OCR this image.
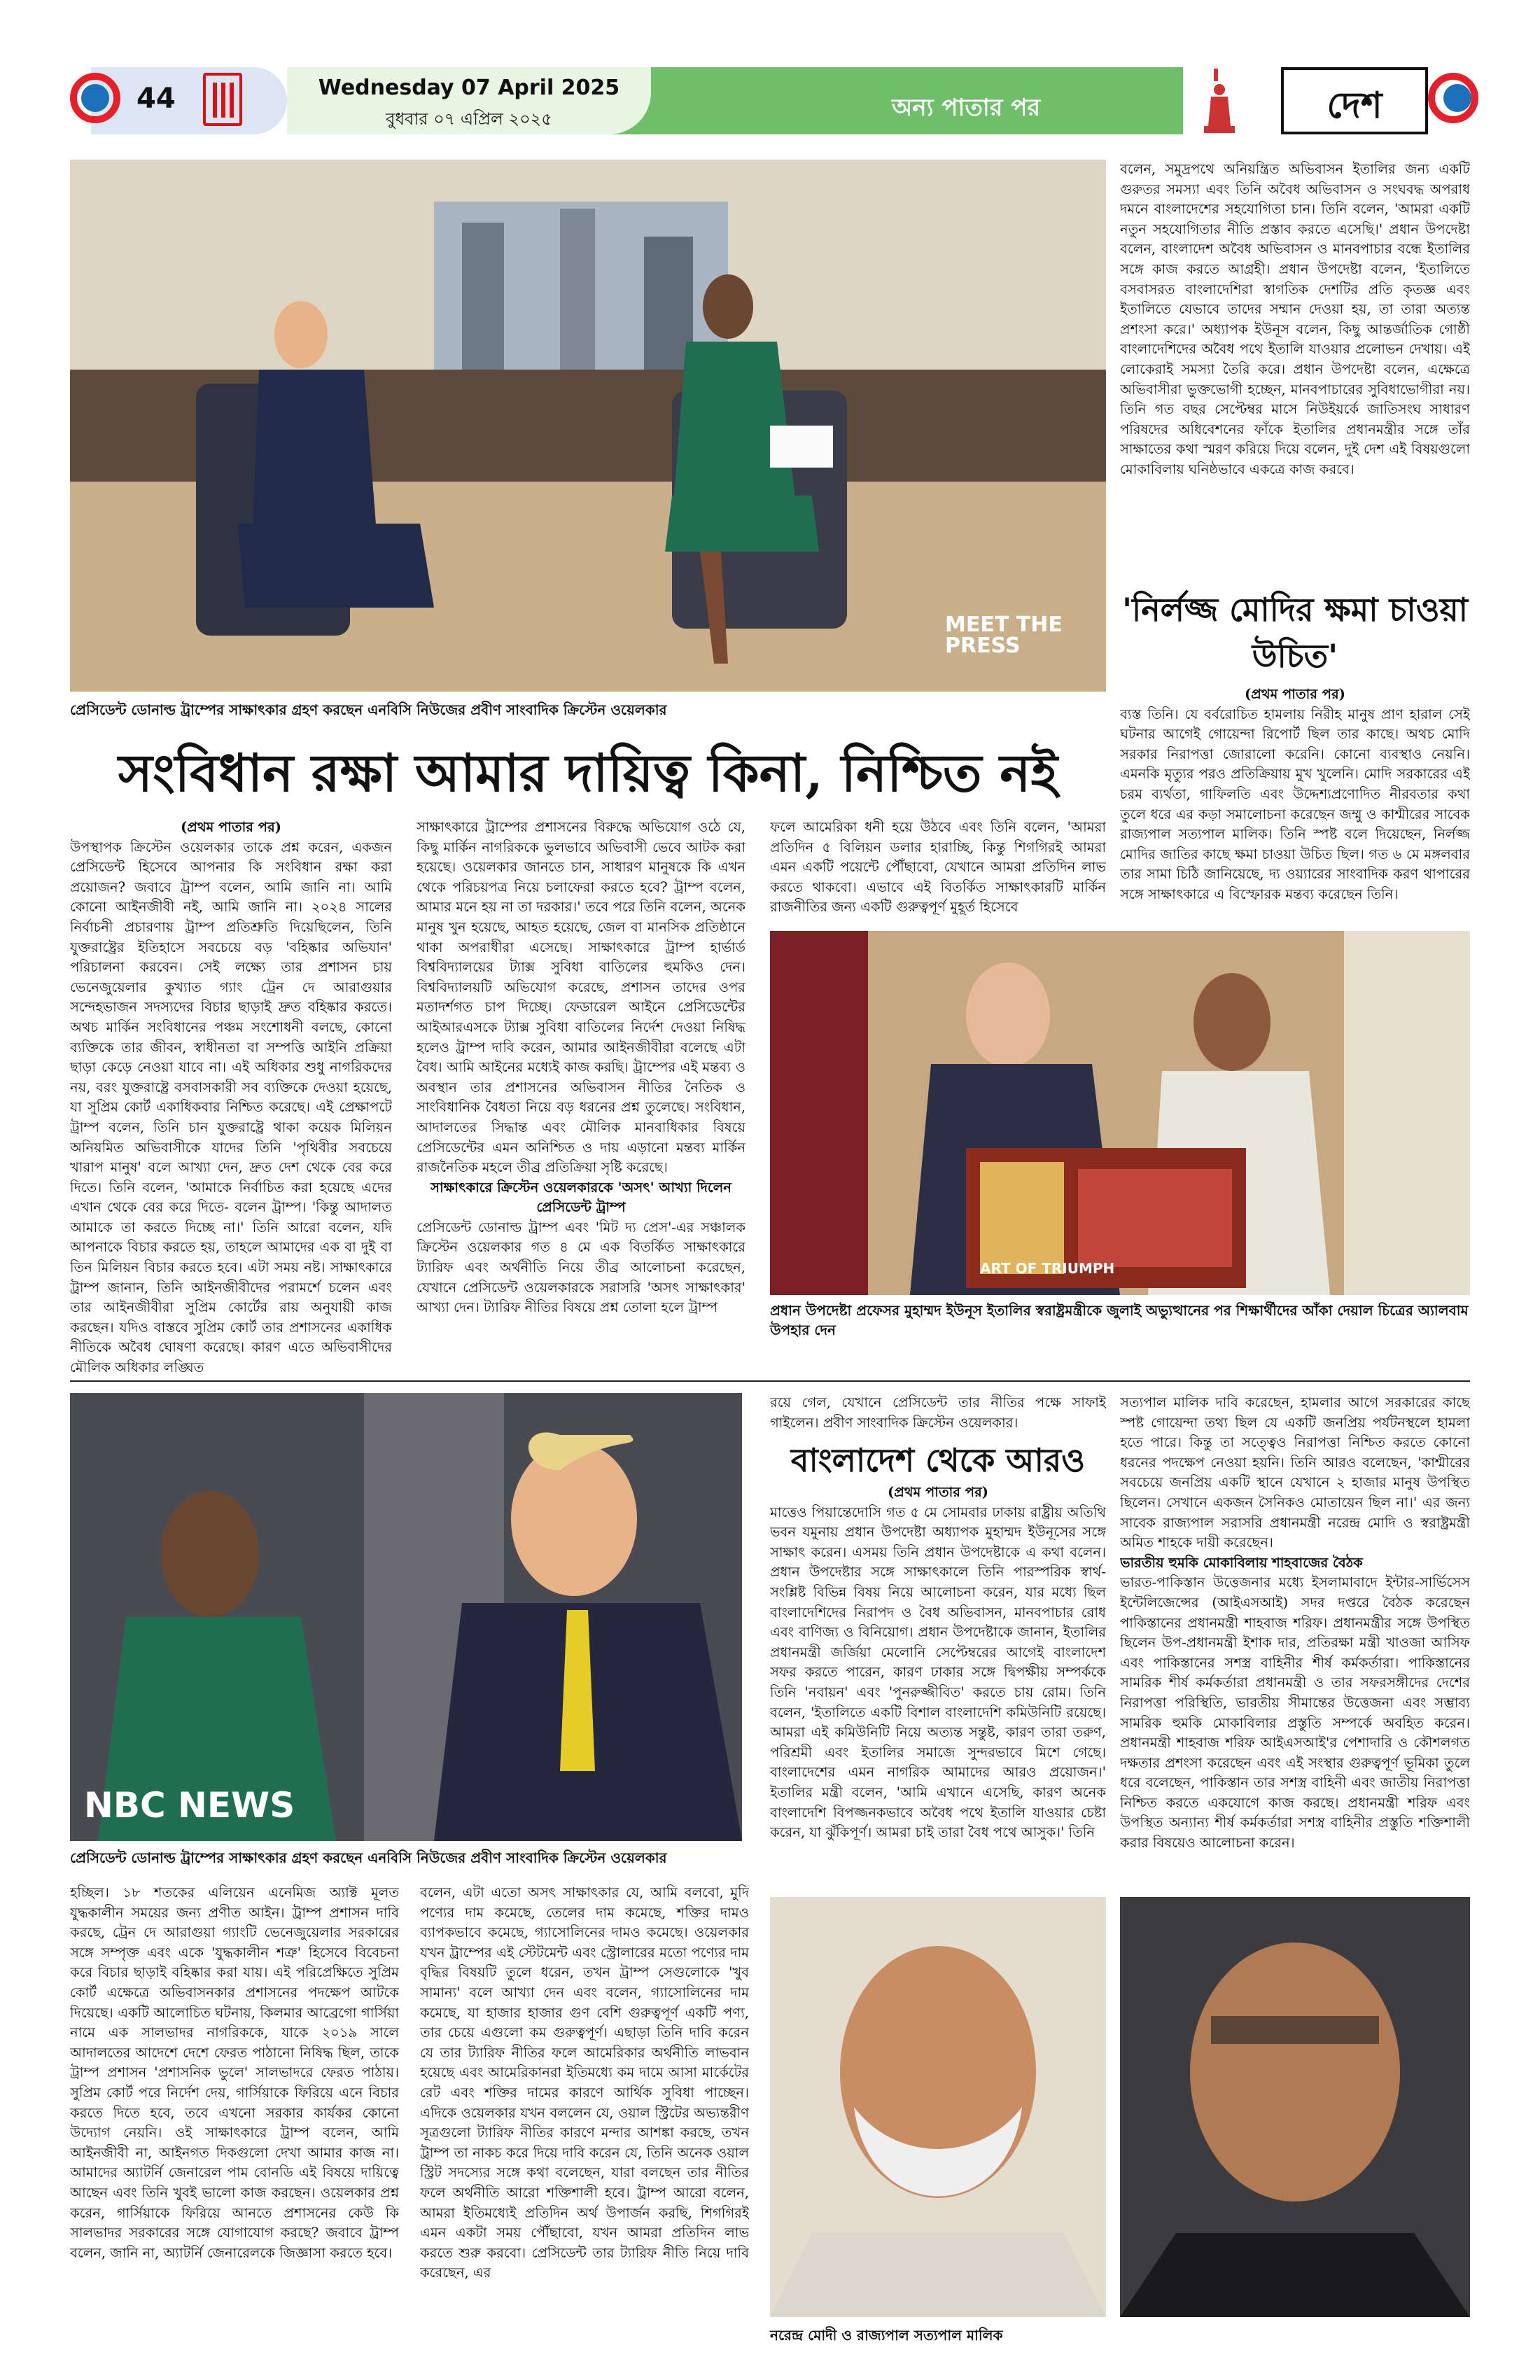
44	Wednesday 07 April 2025
বুধবার ০৭ এপ্রিল ২০২৫	অন্য পাতার পর	দেশ
MEET THE PRESS
প্রেসিডেন্ট ডোনাল্ড ট্রাম্পের সাক্ষাৎকার গ্রহণ করছেন এনবিসি নিউজের প্রবীণ সাংবাদিক ক্রিস্টেন ওয়েলকার
সংবিধান রক্ষা আমার দায়িত্ব কিনা, নিশ্চিত নই

(প্রথম পাতার পর)

উপস্থাপক ক্রিস্টেন ওয়েলকার তাকে প্রশ্ন করেন, একজন প্রেসিডেন্ট হিসেবে আপনার কি সংবিধান রক্ষা করা প্রয়োজন? জবাবে ট্রাম্প বলেন, আমি জানি না। আমি কোনো আইনজীবী নই, আমি জানি না। ২০২৪ সালের নির্বাচনী প্রচারণায় ট্রাম্প প্রতিশ্রুতি দিয়েছিলেন, তিনি যুক্তরাষ্ট্রের ইতিহাসে সবচেয়ে বড় 'বহিষ্কার অভিযান' পরিচালনা করবেন। সেই লক্ষ্যে তার প্রশাসন চায় ভেনেজুয়েলার কুখ্যাত গ্যাং ট্রেন দে আরাগুয়ার সন্দেহভাজন সদস্যদের বিচার ছাড়াই দ্রুত বহিষ্কার করতে। অথচ মার্কিন সংবিধানের পঞ্চম সংশোধনী বলছে, কোনো ব্যক্তিকে তার জীবন, স্বাধীনতা বা সম্পত্তি আইনি প্রক্রিয়া ছাড়া কেড়ে নেওয়া যাবে না। এই অধিকার শুধু নাগরিকদের নয়, বরং যুক্তরাষ্ট্রে বসবাসকারী সব ব্যক্তিকে দেওয়া হয়েছে, যা সুপ্রিম কোর্ট একাধিকবার নিশ্চিত করেছে। এই প্রেক্ষাপটে ট্রাম্প বলেন, তিনি চান যুক্তরাষ্ট্রে থাকা কয়েক মিলিয়ন অনিয়মিত অভিবাসীকে যাদের তিনি 'পৃথিবীর সবচেয়ে খারাপ মানুষ' বলে আখ্যা দেন, দ্রুত দেশ থেকে বের করে দিতে। তিনি বলেন, 'আমাকে নির্বাচিত করা হয়েছে এদের এখান থেকে বের করে দিতে- বলেন ট্রাম্প। 'কিন্তু আদালত আমাকে তা করতে দিচ্ছে না।' তিনি আরো বলেন, যদি আপনাকে বিচার করতে হয়, তাহলে আমাদের এক বা দুই বা তিন মিলিয়ন বিচার করতে হবে। এটা সময় নষ্ট। সাক্ষাৎকারে ট্রাম্প জানান, তিনি আইনজীবীদের পরামর্শে চলেন এবং তার আইনজীবীরা সুপ্রিম কোর্টের রায় অনুযায়ী কাজ করছেন। যদিও বাস্তবে সুপ্রিম কোর্ট তার প্রশাসনের একাধিক নীতিকে অবৈধ ঘোষণা করেছে। কারণ এতে অভিবাসীদের মৌলিক অধিকার লঙ্ঘিত

সাক্ষাৎকারে ট্রাম্পের প্রশাসনের বিরুদ্ধে অভিযোগ ওঠে যে, কিছু মার্কিন নাগরিককে ভুলভাবে অভিবাসী ভেবে আটক করা হয়েছে। ওয়েলকার জানতে চান, সাধারণ মানুষকে কি এখন থেকে পরিচয়পত্র নিয়ে চলাফেরা করতে হবে? ট্রাম্প বলেন, আমার মনে হয় না তা দরকার।' তবে পরে তিনি বলেন, অনেক মানুষ খুন হয়েছে, আহত হয়েছে, জেল বা মানসিক প্রতিষ্ঠানে থাকা অপরাধীরা এসেছে। সাক্ষাৎকারে ট্রাম্প হার্ভার্ড বিশ্ববিদ্যালয়ের ট্যাক্স সুবিধা বাতিলের হুমকিও দেন। বিশ্ববিদ্যালয়টি অভিযোগ করেছে, প্রশাসন তাদের ওপর মতাদর্শগত চাপ দিচ্ছে। ফেডারেল আইনে প্রেসিডেন্টের আইআরএসকে ট্যাক্স সুবিধা বাতিলের নির্দেশ দেওয়া নিষিদ্ধ হলেও ট্রাম্প দাবি করেন, আমার আইনজীবীরা বলেছে এটা বৈধ। আমি আইনের মধ্যেই কাজ করছি। ট্রাম্পের এই মন্তব্য ও অবস্থান তার প্রশাসনের অভিবাসন নীতির নৈতিক ও সাংবিধানিক বৈধতা নিয়ে বড় ধরনের প্রশ্ন তুলেছে। সংবিধান, আদালতের সিদ্ধান্ত এবং মৌলিক মানবাধিকার বিষয়ে প্রেসিডেন্টের এমন অনিশ্চিত ও দায় এড়ানো মন্তব্য মার্কিন রাজনৈতিক মহলে তীব্র প্রতিক্রিয়া সৃষ্টি করেছে।

সাক্ষাৎকারে ক্রিস্টেন ওয়েলকারকে 'অসৎ' আখ্যা দিলেন প্রেসিডেন্ট ট্রাম্প

প্রেসিডেন্ট ডোনাল্ড ট্রাম্প এবং 'মিট দ্য প্রেস'-এর সঞ্চালক ক্রিস্টেন ওয়েলকার গত ৪ মে এক বিতর্কিত সাক্ষাৎকারে ট্যারিফ এবং অর্থনীতি নিয়ে তীব্র আলোচনা করেছেন, যেখানে প্রেসিডেন্ট ওয়েলকারকে সরাসরি 'অসৎ সাক্ষাৎকার' আখ্যা দেন। ট্যারিফ নীতির বিষয়ে প্রশ্ন তোলা হলে ট্রাম্প

ফলে আমেরিকা ধনী হয়ে উঠবে এবং তিনি বলেন, 'আমরা প্রতিদিন ৫ বিলিয়ন ডলার হারাচ্ছি, কিন্তু শিগগিরই আমরা এমন একটি পয়েন্টে পৌঁছাবো, যেখানে আমরা প্রতিদিন লাভ করতে থাকবো। এভাবে এই বিতর্কিত সাক্ষাৎকারটি মার্কিন রাজনীতির জন্য একটি গুরুত্বপূর্ণ মুহূর্ত হিসেবে

ART OF TRIUMPH
প্রধান উপদেষ্টা প্রফেসর মুহাম্মদ ইউনূস ইতালির স্বরাষ্ট্রমন্ত্রীকে জুলাই অভ্যুত্থানের পর শিক্ষার্থীদের আঁকা দেয়াল চিত্রের অ্যালবাম উপহার দেন

বলেন, সমুদ্রপথে অনিয়ন্ত্রিত অভিবাসন ইতালির জন্য একটি গুরুতর সমস্যা এবং তিনি অবৈধ অভিবাসন ও সংঘবদ্ধ অপরাধ দমনে বাংলাদেশের সহযোগিতা চান। তিনি বলেন, 'আমরা একটি নতুন সহযোগিতার নীতি প্রস্তাব করতে এসেছি।' প্রধান উপদেষ্টা বলেন, বাংলাদেশ অবৈধ অভিবাসন ও মানবপাচার বন্ধে ইতালির সঙ্গে কাজ করতে আগ্রহী। প্রধান উপদেষ্টা বলেন, 'ইতালিতে বসবাসরত বাংলাদেশিরা স্বাগতিক দেশটির প্রতি কৃতজ্ঞ এবং ইতালিতে যেভাবে তাদের সম্মান দেওয়া হয়, তা তারা অত্যন্ত প্রশংসা করে।' অধ্যাপক ইউনূস বলেন, কিছু আন্তর্জাতিক গোষ্ঠী বাংলাদেশিদের অবৈধ পথে ইতালি যাওয়ার প্রলোভন দেখায়। এই লোকেরাই সমস্যা তৈরি করে। প্রধান উপদেষ্টা বলেন, এক্ষেত্রে অভিবাসীরা ভুক্তভোগী হচ্ছেন, মানবপাচারের সুবিধাভোগীরা নয়। তিনি গত বছর সেপ্টেম্বর মাসে নিউইয়র্কে জাতিসংঘ সাধারণ পরিষদের অধিবেশনের ফাঁকে ইতালির প্রধানমন্ত্রীর সঙ্গে তাঁর সাক্ষাতের কথা স্মরণ করিয়ে দিয়ে বলেন, দুই দেশ এই বিষয়গুলো মোকাবিলায় ঘনিষ্ঠভাবে একত্রে কাজ করবে।

'নির্লজ্জ মোদির ক্ষমা চাওয়া উচিত'

(প্রথম পাতার পর)

ব্যস্ত তিনি। যে বর্বরোচিত হামলায় নিরীহ মানুষ প্রাণ হারাল সেই ঘটনার আগেই গোয়েন্দা রিপোর্ট ছিল তার কাছে। অথচ মোদি সরকার নিরাপত্তা জোরালো করেনি। কোনো ব্যবস্থাও নেয়নি। এমনকি মৃত্যুর পরও প্রতিক্রিয়ায় মুখ খুলেনি। মোদি সরকারের এই চরম ব্যর্থতা, গাফিলতি এবং উদ্দেশ্যপ্রণোদিত নীরবতার কথা তুলে ধরে এর কড়া সমালোচনা করেছেন জম্মু ও কাশ্মীরের সাবেক রাজ্যপাল সত্যপাল মালিক। তিনি স্পষ্ট বলে দিয়েছেন, নির্লজ্জ মোদির জাতির কাছে ক্ষমা চাওয়া উচিত ছিল। গত ৬ মে মঙ্গলবার তার সামা চিঠি জানিয়েছে, দ্য ওয়্যারের সাংবাদিক করণ থাপারের সঙ্গে সাক্ষাৎকারে এ বিস্ফোরক মন্তব্য করেছেন তিনি।

NBC NEWS
প্রেসিডেন্ট ডোনাল্ড ট্রাম্পের সাক্ষাৎকার গ্রহণ করছেন এনবিসি নিউজের প্রবীণ সাংবাদিক ক্রিস্টেন ওয়েলকার

হচ্ছিল। ১৮ শতকের এলিয়েন এনেমিজ অ্যাক্ট মূলত যুদ্ধকালীন সময়ের জন্য প্রণীত আইন। ট্রাম্প প্রশাসন দাবি করছে, ট্রেন দে আরাগুয়া গ্যাংটি ভেনেজুয়েলার সরকারের সঙ্গে সম্পৃক্ত এবং একে 'যুদ্ধকালীন শত্রু' হিসেবে বিবেচনা করে বিচার ছাড়াই বহিষ্কার করা যায়। এই পরিপ্রেক্ষিতে সুপ্রিম কোর্ট এক্ষেত্রে অভিবাসনকার প্রশাসনের পদক্ষেপ আটকে দিয়েছে। একটি আলোচিত ঘটনায়, কিলমার আব্রেগো গার্সিয়া নামে এক সালভাদর নাগরিককে, যাকে ২০১৯ সালে আদালতের আদেশে দেশে ফেরত পাঠানো নিষিদ্ধ ছিল, তাকে ট্রাম্প প্রশাসন 'প্রশাসনিক ভুলে' সালভাদরে ফেরত পাঠায়। সুপ্রিম কোর্ট পরে নির্দেশ দেয়, গার্সিয়াকে ফিরিয়ে এনে বিচার করতে দিতে হবে, তবে এখনো সরকার কার্যকর কোনো উদ্যোগ নেয়নি। ওই সাক্ষাৎকারে ট্রাম্প বলেন, আমি আইনজীবী না, আইনগত দিকগুলো দেখা আমার কাজ না। আমাদের অ্যাটর্নি জেনারেল পাম বোনডি এই বিষয়ে দায়িত্বে আছেন এবং তিনি খুবই ভালো কাজ করছেন। ওয়েলকার প্রশ্ন করেন, গার্সিয়াকে ফিরিয়ে আনতে প্রশাসনের কেউ কি সালভাদর সরকারের সঙ্গে যোগাযোগ করছে? জবাবে ট্রাম্প বলেন, জানি না, অ্যাটর্নি জেনারেলকে জিজ্ঞাসা করতে হবে।

বলেন, এটা এতো অসৎ সাক্ষাৎকার যে, আমি বলবো, মুদি পণ্যের দাম কমেছে, তেলের দাম কমেছে, শক্তির দামও ব্যাপকভাবে কমেছে, গ্যাসোলিনের দামও কমেছে। ওয়েলকার যখন ট্রাম্পের এই স্টেটমেন্ট এবং স্ট্রোলারের মতো পণ্যের দাম বৃদ্ধির বিষয়টি তুলে ধরেন, তখন ট্রাম্প সেগুলোকে 'খুব সামান্য' বলে আখ্যা দেন এবং বলেন, গ্যাসোলিনের দাম কমেছে, যা হাজার হাজার গুণ বেশি গুরুত্বপূর্ণ একটি পণ্য, তার চেয়ে এগুলো কম গুরুত্বপূর্ণ। এছাড়া তিনি দাবি করেন যে তার ট্যারিফ নীতির ফলে আমেরিকার অর্থনীতি লাভবান হয়েছে এবং আমেরিকানরা ইতিমধ্যে কম দামে আসা মার্কেটের রেট এবং শক্তির দামের কারণে আর্থিক সুবিধা পাচ্ছেন। এদিকে ওয়েলকার যখন বললেন যে, ওয়াল স্ট্রিটের অভ্যন্তরীণ সূত্রগুলো ট্যারিফ নীতির কারণে মন্দার আশঙ্কা করছে, তখন ট্রাম্প তা নাকচ করে দিয়ে দাবি করেন যে, তিনি অনেক ওয়াল স্ট্রিট সদস্যের সঙ্গে কথা বলেছেন, যারা বলছেন তার নীতির ফলে অর্থনীতি আরো শক্তিশালী হবে। ট্রাম্প আরো বলেন, আমরা ইতিমধ্যেই প্রতিদিন অর্থ উপার্জন করছি, শিগগিরই এমন একটা সময় পৌঁছাবো, যখন আমরা প্রতিদিন লাভ করতে শুরু করবো। প্রেসিডেন্ট তার ট্যারিফ নীতি নিয়ে দাবি করেছেন, এর

রয়ে গেল, যেখানে প্রেসিডেন্ট তার নীতির পক্ষে সাফাই গাইলেন। প্রবীণ সাংবাদিক ক্রিস্টেন ওয়েলকার।

বাংলাদেশ থেকে আরও

(প্রথম পাতার পর)

মাত্তেও পিয়ান্তেদোসি গত ৫ মে সোমবার ঢাকায় রাষ্ট্রীয় অতিথি ভবন যমুনায় প্রধান উপদেষ্টা অধ্যাপক মুহাম্মদ ইউনূসের সঙ্গে সাক্ষাৎ করেন। এসময় তিনি প্রধান উপদেষ্টাকে এ কথা বলেন। প্রধান উপদেষ্টার সঙ্গে সাক্ষাৎকালে তিনি পারস্পরিক স্বার্থ-সংশ্লিষ্ট বিভিন্ন বিষয় নিয়ে আলোচনা করেন, যার মধ্যে ছিল বাংলাদেশিদের নিরাপদ ও বৈধ অভিবাসন, মানবপাচার রোধ এবং বাণিজ্য ও বিনিয়োগ। প্রধান উপদেষ্টাকে জানান, ইতালির প্রধানমন্ত্রী জর্জিয়া মেলোনি সেপ্টেম্বরের আগেই বাংলাদেশ সফর করতে পারেন, কারণ ঢাকার সঙ্গে দ্বিপক্ষীয় সম্পর্ককে তিনি 'নবায়ন' এবং 'পুনরুজ্জীবিত' করতে চায় রোম। তিনি বলেন, 'ইতালিতে একটি বিশাল বাংলাদেশি কমিউনিটি রয়েছে। আমরা এই কমিউনিটি নিয়ে অত্যন্ত সন্তুষ্ট, কারণ তারা তরুণ, পরিশ্রমী এবং ইতালির সমাজে সুন্দরভাবে মিশে গেছে। বাংলাদেশের এমন নাগরিক আমাদের আরও প্রয়োজন।' ইতালির মন্ত্রী বলেন, 'আমি এখানে এসেছি, কারণ অনেক বাংলাদেশি বিপজ্জনকভাবে অবৈধ পথে ইতালি যাওয়ার চেষ্টা করেন, যা ঝুঁকিপূর্ণ। আমরা চাই তারা বৈধ পথে আসুক।' তিনি

সত্যপাল মালিক দাবি করেছেন, হামলার আগে সরকারের কাছে স্পষ্ট গোয়েন্দা তথ্য ছিল যে একটি জনপ্রিয় পর্যটনস্থলে হামলা হতে পারে। কিন্তু তা সত্ত্বেও নিরাপত্তা নিশ্চিত করতে কোনো ধরনের পদক্ষেপ নেওয়া হয়নি। তিনি আরও বলেছেন, 'কাশ্মীরের সবচেয়ে জনপ্রিয় একটি স্থানে যেখানে ২ হাজার মানুষ উপস্থিত ছিলেন। সেখানে একজন সৈনিকও মোতায়েন ছিল না।' এর জন্য সাবেক রাজ্যপাল সরাসরি প্রধানমন্ত্রী নরেন্দ্র মোদি ও স্বরাষ্ট্রমন্ত্রী অমিত শাহকে দায়ী করেছেন।

ভারতীয় হুমকি মোকাবিলায় শাহবাজের বৈঠক

ভারত-পাকিস্তান উত্তেজনার মধ্যে ইসলামাবাদে ইন্টার-সার্ভিসেস ইন্টেলিজেন্সের (আইএসআই) সদর দপ্তরে বৈঠক করেছেন পাকিস্তানের প্রধানমন্ত্রী শাহবাজ শরিফ। প্রধানমন্ত্রীর সঙ্গে উপস্থিত ছিলেন উপ-প্রধানমন্ত্রী ইশাক দার, প্রতিরক্ষা মন্ত্রী খাওজা আসিফ এবং পাকিস্তানের সশস্ত্র বাহিনীর শীর্ষ কর্মকর্তারা। পাকিস্তানের সামরিক শীর্ষ কর্মকর্তারা প্রধানমন্ত্রী ও তার সফরসঙ্গীদের দেশের নিরাপত্তা পরিস্থিতি, ভারতীয় সীমান্তের উত্তেজনা এবং সম্ভাব্য সামরিক হুমকি মোকাবিলার প্রস্তুতি সম্পর্কে অবহিত করেন। প্রধানমন্ত্রী শাহবাজ শরিফ আইএসআই'র পেশাদারি ও কৌশলগত দক্ষতার প্রশংসা করেছেন এবং এই সংস্থার গুরুত্বপূর্ণ ভূমিকা তুলে ধরে বলেছেন, পাকিস্তান তার সশস্ত্র বাহিনী এবং জাতীয় নিরাপত্তা নিশ্চিত করতে একযোগে কাজ করছে। প্রধানমন্ত্রী শরিফ এবং উপস্থিত অন্যান্য শীর্ষ কর্মকর্তারা সশস্ত্র বাহিনীর প্রস্তুতি শক্তিশালী করার বিষয়েও আলোচনা করেন।

নরেন্দ্র মোদী ও রাজ্যপাল সত্যপাল মালিক
